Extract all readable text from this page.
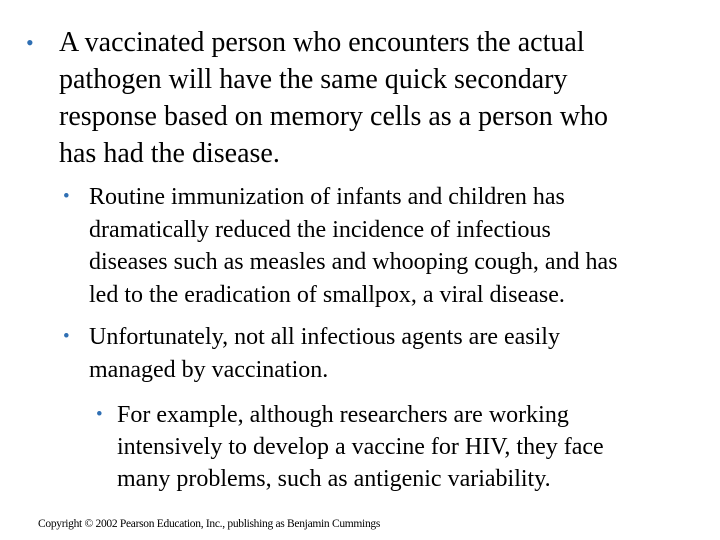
• A vaccinated person who encounters the actual
pathogen will have the same quick secondary
response based on memory cells as a person who
has had the disease.

• Routine immunization of infants and children has
dramatically reduced the incidence of infectious
diseases such as measles and whooping cough, and has
led to the eradication of smallpox, a viral disease.

• Unfortunately, not all infectious agents are easily
managed by vaccination.

• For example, although researchers are working
intensively to develop a vaccine for HIV, they face
many problems, such as antigenic variability.

Copyright © 2002 Pearson Education, Inc., publishing as Benjamin Cummings
